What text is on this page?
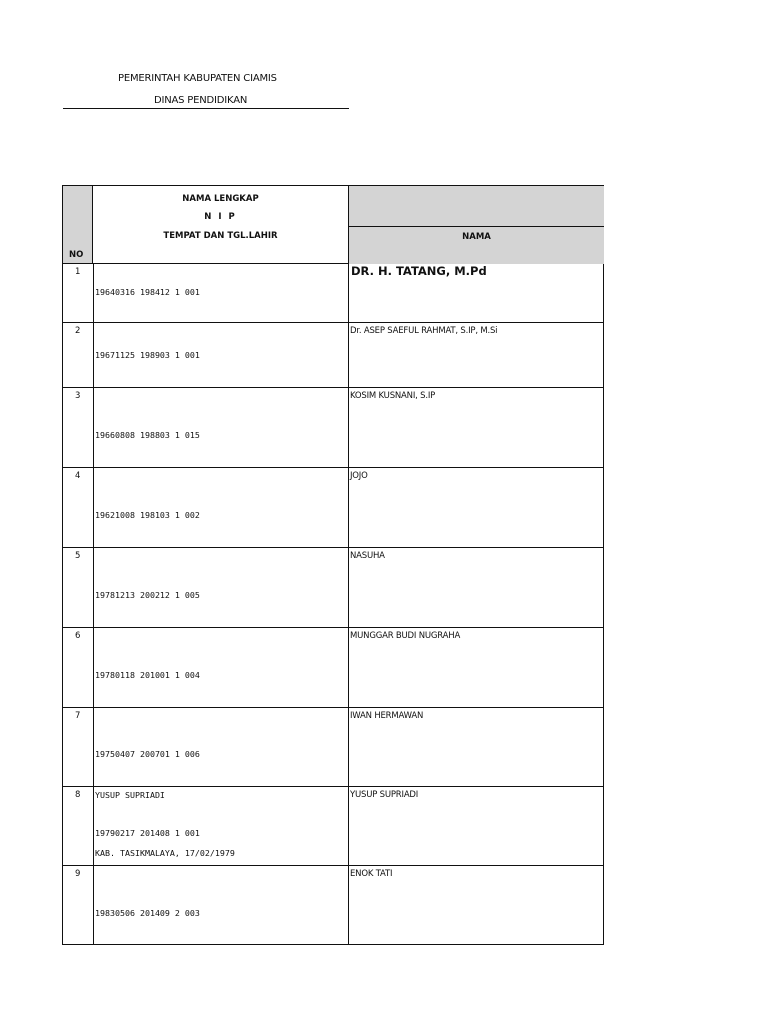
PEMERINTAH KABUPATEN CIAMIS
DINAS PENDIDIKAN
NO
NAMA LENGKAP
N I P
TEMPAT DAN TGL.LAHIR	NAMA
1
19640316 198412 1 001
DR. H. TATANG, M.Pd
2
19671125 198903 1 001
Dr. ASEP SAEFUL RAHMAT, S.IP, M.Si
3
19660808 198803 1 015
KOSIM KUSNANI, S.IP
4
19621008 198103 1 002
JOJO
5
19781213 200212 1 005
NASUHA
6
19780118 201001 1 004
MUNGGAR BUDI NUGRAHA
7
19750407 200701 1 006
IWAN HERMAWAN
8 YUSUP SUPRIADI
19790217 201408 1 001
KAB. TASIKMALAYA, 17/02/1979
YUSUP SUPRIADI
9
19830506 201409 2 003
ENOK TATI
